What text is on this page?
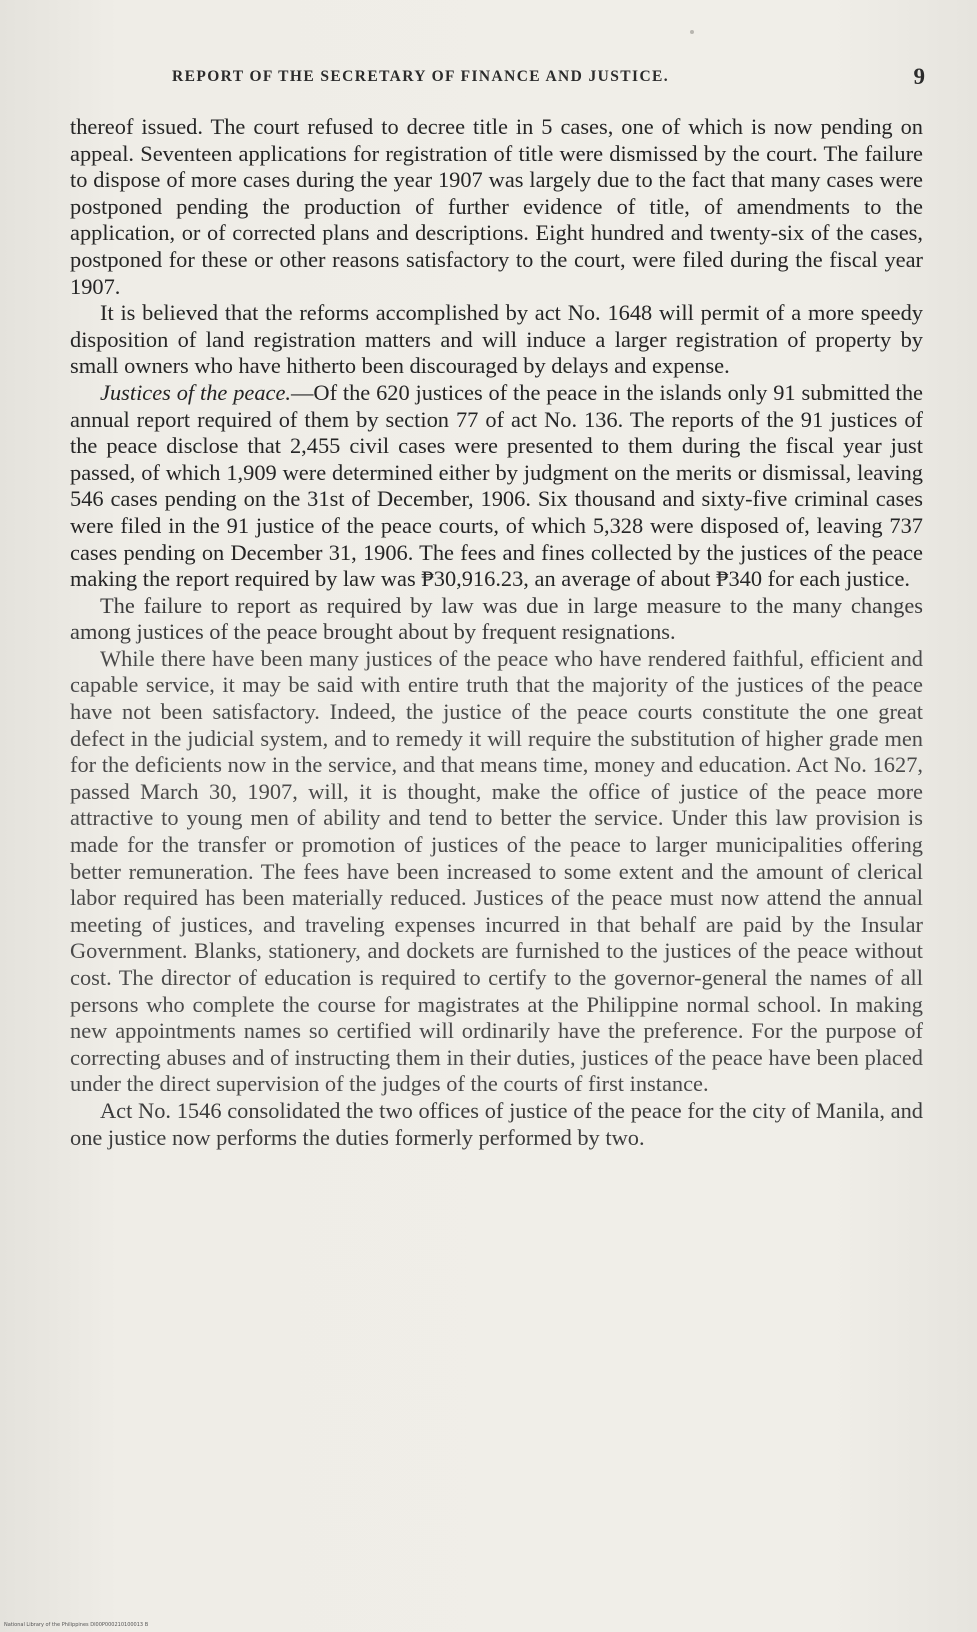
REPORT OF THE SECRETARY OF FINANCE AND JUSTICE.	9

thereof issued. The court refused to decree title in 5 cases, one of which is now pending on appeal. Seventeen applications for registration of title were dismissed by the court. The failure to dispose of more cases during the year 1907 was largely due to the fact that many cases were postponed pending the production of further evidence of title, of amendments to the application, or of corrected plans and descriptions. Eight hundred and twenty-six of the cases, postponed for these or other reasons satisfactory to the court, were filed during the fiscal year 1907.

It is believed that the reforms accomplished by act No. 1648 will permit of a more speedy disposition of land registration matters and will induce a larger registration of property by small owners who have hitherto been discouraged by delays and expense.

Justices of the peace.—Of the 620 justices of the peace in the islands only 91 submitted the annual report required of them by section 77 of act No. 136. The reports of the 91 justices of the peace disclose that 2,455 civil cases were presented to them during the fiscal year just passed, of which 1,909 were determined either by judgment on the merits or dismissal, leaving 546 cases pending on the 31st of December, 1906. Six thousand and sixty-five criminal cases were filed in the 91 justice of the peace courts, of which 5,328 were disposed of, leaving 737 cases pending on December 31, 1906. The fees and fines collected by the justices of the peace making the report required by law was ₱30,916.23, an average of about ₱340 for each justice.

The failure to report as required by law was due in large measure to the many changes among justices of the peace brought about by frequent resignations.

While there have been many justices of the peace who have rendered faithful, efficient and capable service, it may be said with entire truth that the majority of the justices of the peace have not been satisfactory. Indeed, the justice of the peace courts constitute the one great defect in the judicial system, and to remedy it will require the substitution of higher grade men for the deficients now in the service, and that means time, money and education. Act No. 1627, passed March 30, 1907, will, it is thought, make the office of justice of the peace more attractive to young men of ability and tend to better the service. Under this law provision is made for the transfer or promotion of justices of the peace to larger municipalities offering better remuneration. The fees have been increased to some extent and the amount of clerical labor required has been materially reduced. Justices of the peace must now attend the annual meeting of justices, and traveling expenses incurred in that behalf are paid by the Insular Government. Blanks, stationery, and dockets are furnished to the justices of the peace without cost. The director of education is required to certify to the governor-general the names of all persons who complete the course for magistrates at the Philippine normal school. In making new appointments names so certified will ordinarily have the preference. For the purpose of correcting abuses and of instructing them in their duties, justices of the peace have been placed under the direct supervision of the judges of the courts of first instance.

Act No. 1546 consolidated the two offices of justice of the peace for the city of Manila, and one justice now performs the duties formerly performed by two.

National Library of the Philippines DI00P000210100013 B
